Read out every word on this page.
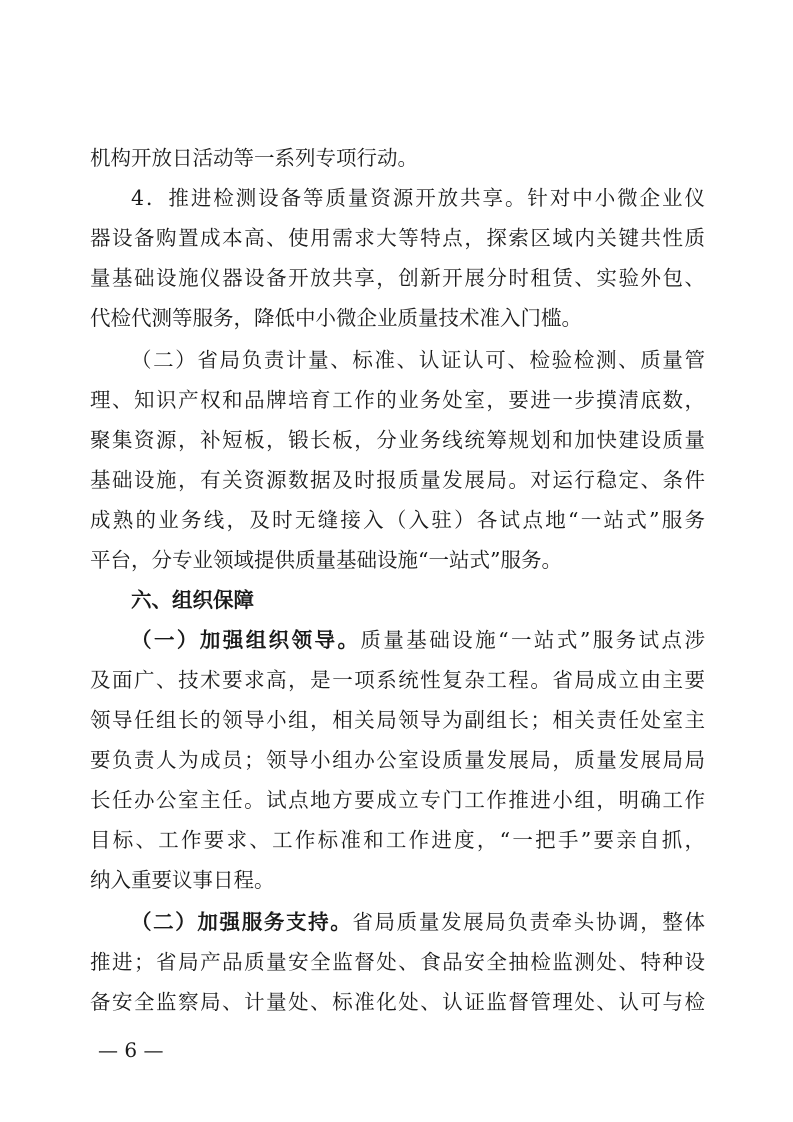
机构开放日活动等一系列专项行动。
4．推进检测设备等质量资源开放共享。针对中小微企业仪
器设备购置成本高、使用需求大等特点，探索区域内关键共性质
量基础设施仪器设备开放共享，创新开展分时租赁、实验外包、
代检代测等服务，降低中小微企业质量技术准入门槛。
（二）省局负责计量、标准、认证认可、检验检测、质量管
理、知识产权和品牌培育工作的业务处室，要进一步摸清底数，
聚集资源，补短板，锻长板，分业务线统筹规划和加快建设质量
基础设施，有关资源数据及时报质量发展局。对运行稳定、条件
成熟的业务线，及时无缝接入（入驻）各试点地“一站式”服务
平台，分专业领域提供质量基础设施“一站式”服务。
六、组织保障
（一）加强组织领导。质量基础设施“一站式”服务试点涉
及面广、技术要求高，是一项系统性复杂工程。省局成立由主要
领导任组长的领导小组，相关局领导为副组长；相关责任处室主
要负责人为成员；领导小组办公室设质量发展局，质量发展局局
长任办公室主任。试点地方要成立专门工作推进小组，明确工作
目标、工作要求、工作标准和工作进度，“一把手”要亲自抓，
纳入重要议事日程。
（二）加强服务支持。省局质量发展局负责牵头协调，整体
推进；省局产品质量安全监督处、食品安全抽检监测处、特种设
备安全监察局、计量处、标准化处、认证监督管理处、认可与检
— 6 —
